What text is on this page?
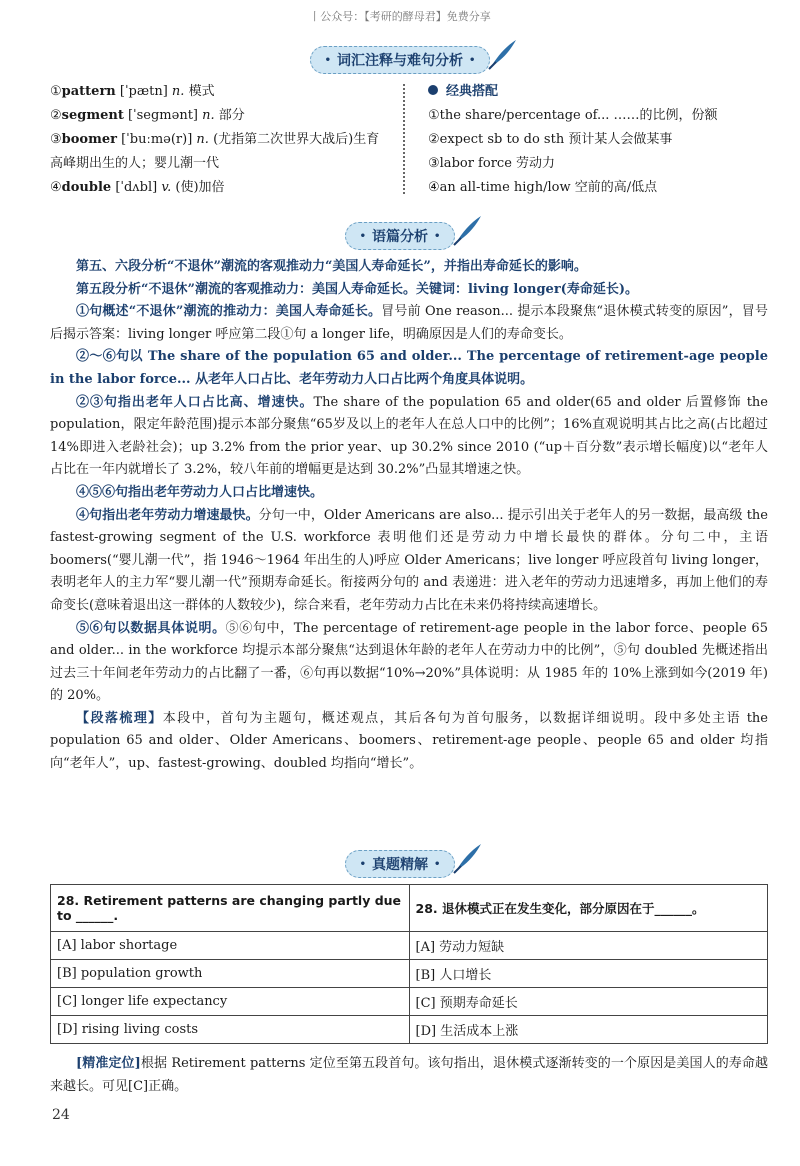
丨公众号：【考研的酵母君】免费分享
• 词汇注释与难句分析 •

①pattern [ˈpætn] n. 模式

②segment [ˈsegmənt] n. 部分

③boomer [ˈbuːmə(r)] n. (尤指第二次世界大战后)生育高峰期出生的人；婴儿潮一代

④double [ˈdʌbl] v. (使)加倍

经典搭配

①the share/percentage of... ……的比例，份额

②expect sb to do sth 预计某人会做某事

③labor force 劳动力

④an all-time high/low 空前的高/低点

• 语篇分析 •

第五、六段分析“不退休”潮流的客观推动力“美国人寿命延长”，并指出寿命延长的影响。

第五段分析“不退休”潮流的客观推动力：美国人寿命延长。关键词：living longer(寿命延长)。

①句概述“不退休”潮流的推动力：美国人寿命延长。冒号前 One reason... 提示本段聚焦“退休模式转变的原因”，冒号后揭示答案：living longer 呼应第二段①句 a longer life，明确原因是人们的寿命变长。

②～⑥句以 The share of the population 65 and older... The percentage of retirement-age people in the labor force... 从老年人口占比、老年劳动力人口占比两个角度具体说明。

②③句指出老年人口占比高、增速快。The share of the population 65 and older(65 and older 后置修饰 the population，限定年龄范围)提示本部分聚焦“65岁及以上的老年人在总人口中的比例”；16%直观说明其占比之高(占比超过14%即进入老龄社会)；up 3.2% from the prior year、up 30.2% since 2010 (“up＋百分数”表示增长幅度)以“老年人占比在一年内就增长了 3.2%，较八年前的增幅更是达到 30.2%”凸显其增速之快。

④⑤⑥句指出老年劳动力人口占比增速快。

④句指出老年劳动力增速最快。分句一中，Older Americans are also... 提示引出关于老年人的另一数据，最高级 the fastest-growing segment of the U.S. workforce 表明他们还是劳动力中增长最快的群体。分句二中，主语 boomers(“婴儿潮一代”，指 1946～1964 年出生的人)呼应 Older Americans；live longer 呼应段首句 living longer，表明老年人的主力军“婴儿潮一代”预期寿命延长。衔接两分句的 and 表递进：进入老年的劳动力迅速增多，再加上他们的寿命变长(意味着退出这一群体的人数较少)，综合来看，老年劳动力占比在未来仍将持续高速增长。

⑤⑥句以数据具体说明。⑤⑥句中，The percentage of retirement-age people in the labor force、people 65 and older... in the workforce 均提示本部分聚焦“达到退休年龄的老年人在劳动力中的比例”，⑤句 doubled 先概述指出过去三十年间老年劳动力的占比翻了一番，⑥句再以数据“10%→20%”具体说明：从 1985 年的 10%上涨到如今(2019 年)的 20%。

【段落梳理】本段中，首句为主题句，概述观点，其后各句为首句服务，以数据详细说明。段中多处主语 the population 65 and older、Older Americans、boomers、retirement-age people、people 65 and older 均指向“老年人”，up、fastest-growing、doubled 均指向“增长”。

• 真题精解 •
28. Retirement patterns are changing partly due to ______.	28. 退休模式正在发生变化，部分原因在于______。
[A] labor shortage	[A] 劳动力短缺
[B] population growth	[B] 人口增长
[C] longer life expectancy	[C] 预期寿命延长
[D] rising living costs	[D] 生活成本上涨

[精准定位]根据 Retirement patterns 定位至第五段首句。该句指出，退休模式逐渐转变的一个原因是美国人的寿命越来越长。可见[C]正确。

24
